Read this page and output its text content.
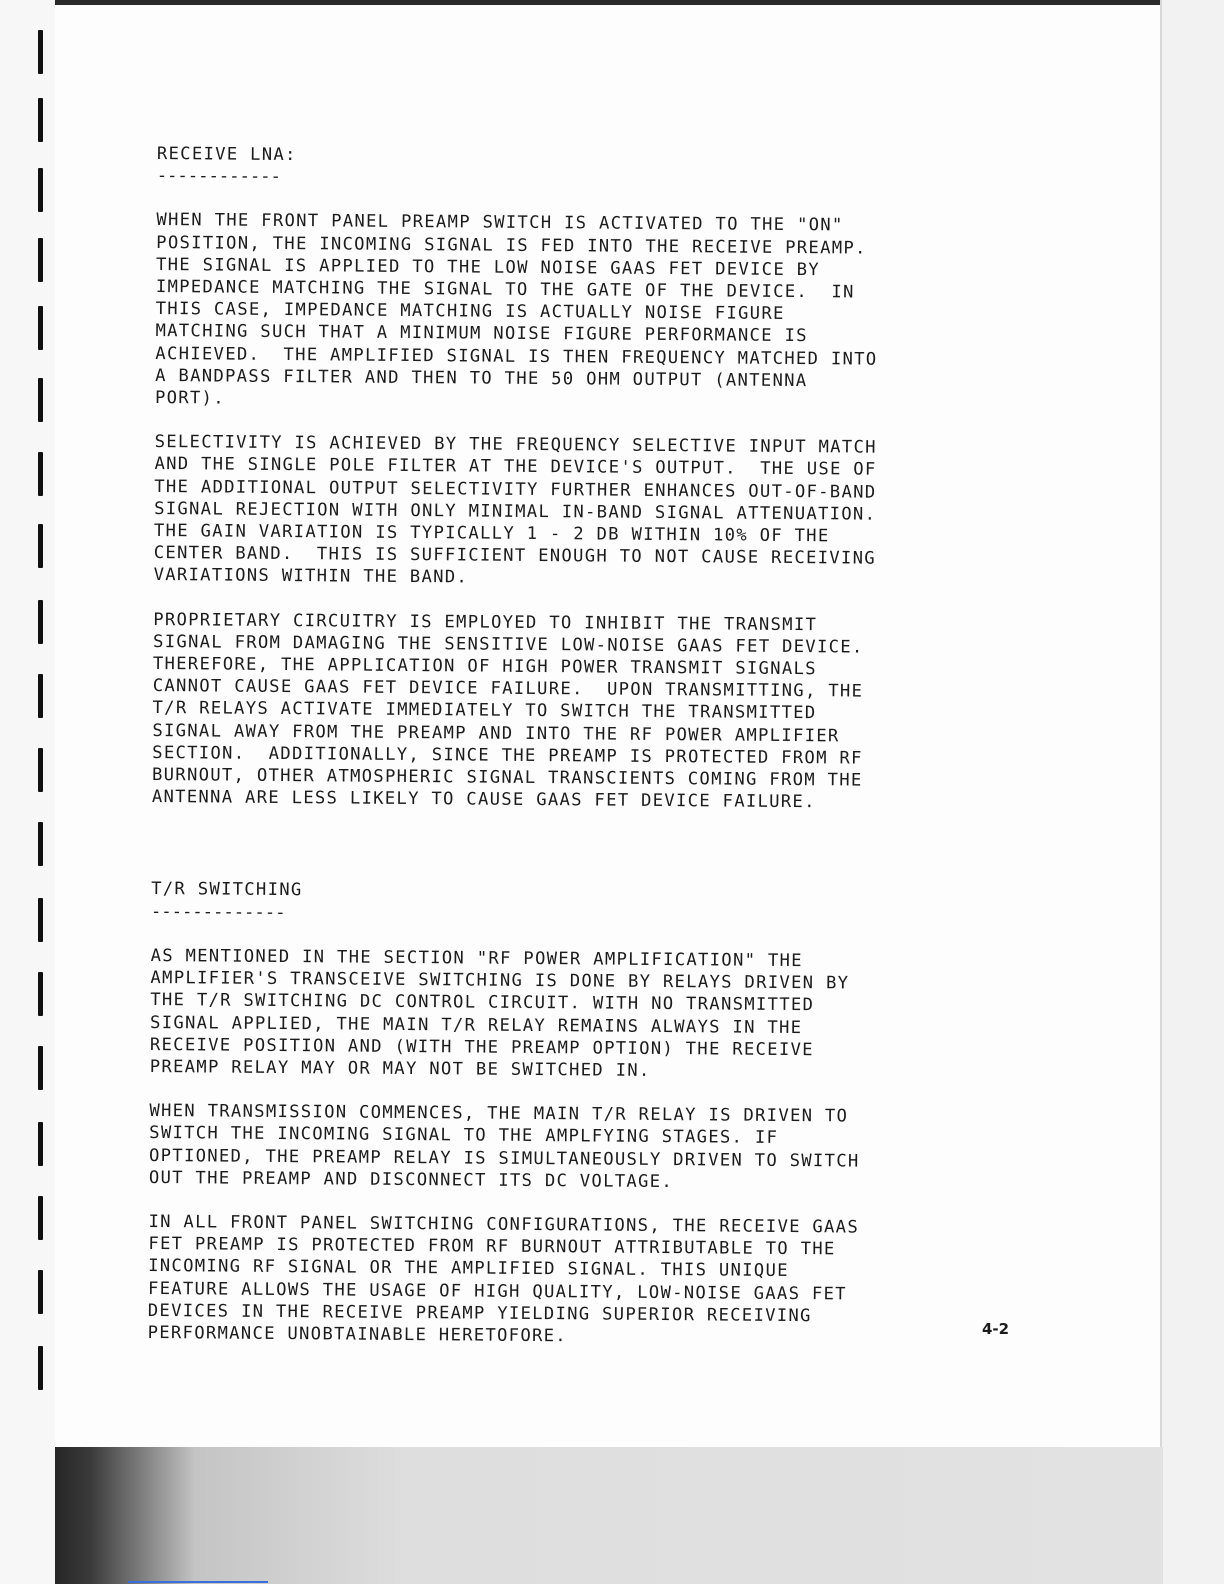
RECEIVE LNA:
------------
WHEN THE FRONT PANEL PREAMP SWITCH IS ACTIVATED TO THE "ON"
POSITION, THE INCOMING SIGNAL IS FED INTO THE RECEIVE PREAMP.
THE SIGNAL IS APPLIED TO THE LOW NOISE GAAS FET DEVICE BY
IMPEDANCE MATCHING THE SIGNAL TO THE GATE OF THE DEVICE.  IN
THIS CASE, IMPEDANCE MATCHING IS ACTUALLY NOISE FIGURE
MATCHING SUCH THAT A MINIMUM NOISE FIGURE PERFORMANCE IS
ACHIEVED.  THE AMPLIFIED SIGNAL IS THEN FREQUENCY MATCHED INTO
A BANDPASS FILTER AND THEN TO THE 50 OHM OUTPUT (ANTENNA
PORT).
SELECTIVITY IS ACHIEVED BY THE FREQUENCY SELECTIVE INPUT MATCH
AND THE SINGLE POLE FILTER AT THE DEVICE'S OUTPUT.  THE USE OF
THE ADDITIONAL OUTPUT SELECTIVITY FURTHER ENHANCES OUT-OF-BAND
SIGNAL REJECTION WITH ONLY MINIMAL IN-BAND SIGNAL ATTENUATION.
THE GAIN VARIATION IS TYPICALLY 1 - 2 DB WITHIN 10% OF THE
CENTER BAND.  THIS IS SUFFICIENT ENOUGH TO NOT CAUSE RECEIVING
VARIATIONS WITHIN THE BAND.
PROPRIETARY CIRCUITRY IS EMPLOYED TO INHIBIT THE TRANSMIT
SIGNAL FROM DAMAGING THE SENSITIVE LOW-NOISE GAAS FET DEVICE.
THEREFORE, THE APPLICATION OF HIGH POWER TRANSMIT SIGNALS
CANNOT CAUSE GAAS FET DEVICE FAILURE.  UPON TRANSMITTING, THE
T/R RELAYS ACTIVATE IMMEDIATELY TO SWITCH THE TRANSMITTED
SIGNAL AWAY FROM THE PREAMP AND INTO THE RF POWER AMPLIFIER
SECTION.  ADDITIONALLY, SINCE THE PREAMP IS PROTECTED FROM RF
BURNOUT, OTHER ATMOSPHERIC SIGNAL TRANSCIENTS COMING FROM THE
ANTENNA ARE LESS LIKELY TO CAUSE GAAS FET DEVICE FAILURE.
T/R SWITCHING
-------------
AS MENTIONED IN THE SECTION "RF POWER AMPLIFICATION" THE
AMPLIFIER'S TRANSCEIVE SWITCHING IS DONE BY RELAYS DRIVEN BY
THE T/R SWITCHING DC CONTROL CIRCUIT. WITH NO TRANSMITTED
SIGNAL APPLIED, THE MAIN T/R RELAY REMAINS ALWAYS IN THE
RECEIVE POSITION AND (WITH THE PREAMP OPTION) THE RECEIVE
PREAMP RELAY MAY OR MAY NOT BE SWITCHED IN.
WHEN TRANSMISSION COMMENCES, THE MAIN T/R RELAY IS DRIVEN TO
SWITCH THE INCOMING SIGNAL TO THE AMPLFYING STAGES. IF
OPTIONED, THE PREAMP RELAY IS SIMULTANEOUSLY DRIVEN TO SWITCH
OUT THE PREAMP AND DISCONNECT ITS DC VOLTAGE.
IN ALL FRONT PANEL SWITCHING CONFIGURATIONS, THE RECEIVE GAAS
FET PREAMP IS PROTECTED FROM RF BURNOUT ATTRIBUTABLE TO THE
INCOMING RF SIGNAL OR THE AMPLIFIED SIGNAL. THIS UNIQUE
FEATURE ALLOWS THE USAGE OF HIGH QUALITY, LOW-NOISE GAAS FET
DEVICES IN THE RECEIVE PREAMP YIELDING SUPERIOR RECEIVING
PERFORMANCE UNOBTAINABLE HERETOFORE.	4-2
